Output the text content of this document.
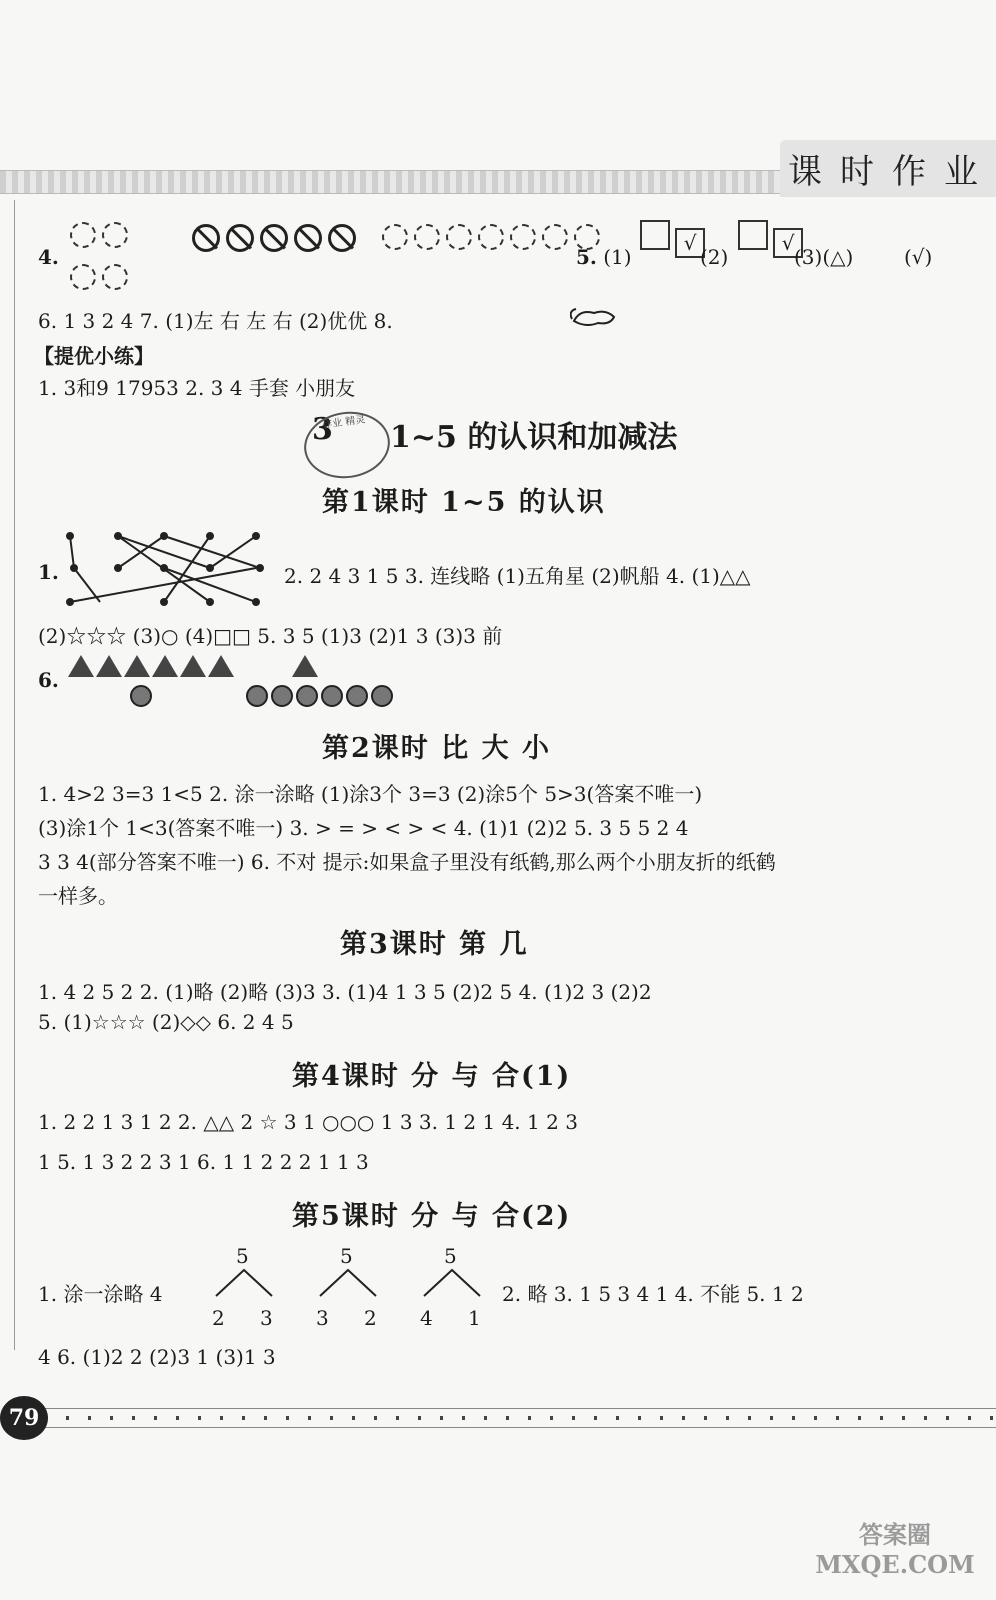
课时作业
4.	5. (1)
√
(2)
√
(3)(△)	(√)
6. 1 3 2 4 7. (1)左 右 左 右 (2)优优 8.
【提优小练】
1. 3和9 17953 2. 3 4 手套 小朋友
3
作业 精灵 1~5 的认识和加减法
第1课时 1~5 的认识
1.	2. 2 4 3 1 5 3. 连线略 (1)五角星 (2)帆船 4. (1)△△
(2)☆☆☆ (3)○ (4)□□ 5. 3 5 (1)3 (2)1 3 (3)3 前
6.
第2课时 比 大 小
1. 4>2 3=3 1<5 2. 涂一涂略 (1)涂3个 3=3 (2)涂5个 5>3(答案不唯一)
(3)涂1个 1<3(答案不唯一) 3. > = > < > < 4. (1)1 (2)2 5. 3 5 5 2 4
3 3 4(部分答案不唯一) 6. 不对 提示:如果盒子里没有纸鹤,那么两个小朋友折的纸鹤
一样多。
第3课时 第 几
1. 4 2 5 2 2. (1)略 (2)略 (3)3 3. (1)4 1 3 5 (2)2 5 4. (1)2 3 (2)2
5. (1)☆☆☆ (2)◇◇ 6. 2 4 5
第4课时 分 与 合(1)
1. 2 2 1 3 1 2 2. △△ 2 ☆ 3 1 ○○○ 1 3 3. 1 2 1 4. 1 2 3
1 5. 1 3 2 2 3 1 6. 1 1 2 2 2 1 1 3
第5课时 分 与 合(2)
1. 涂一涂略 4
5
2 3
5
3 2
5
4 1
2. 略 3. 1 5 3 4 1 4. 不能 5. 1 2
4 6. (1)2 2 (2)3 1 (3)1 3
79
答案圈 MXQE.COM
